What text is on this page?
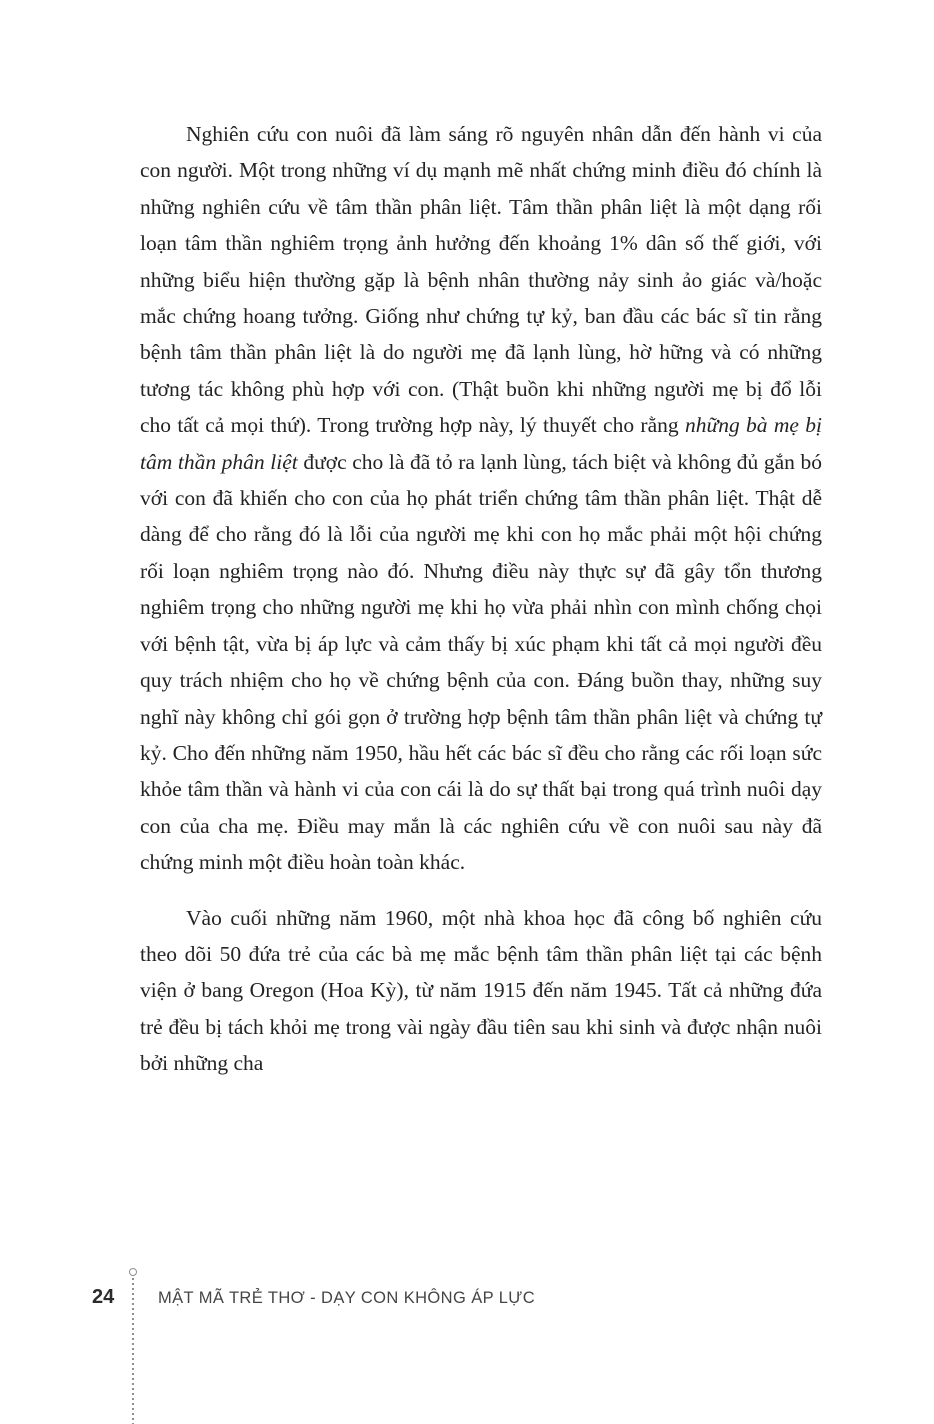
Nghiên cứu con nuôi đã làm sáng rõ nguyên nhân dẫn đến hành vi của con người. Một trong những ví dụ mạnh mẽ nhất chứng minh điều đó chính là những nghiên cứu về tâm thần phân liệt. Tâm thần phân liệt là một dạng rối loạn tâm thần nghiêm trọng ảnh hưởng đến khoảng 1% dân số thế giới, với những biểu hiện thường gặp là bệnh nhân thường nảy sinh ảo giác và/hoặc mắc chứng hoang tưởng. Giống như chứng tự kỷ, ban đầu các bác sĩ tin rằng bệnh tâm thần phân liệt là do người mẹ đã lạnh lùng, hờ hững và có những tương tác không phù hợp với con. (Thật buồn khi những người mẹ bị đổ lỗi cho tất cả mọi thứ). Trong trường hợp này, lý thuyết cho rằng những bà mẹ bị tâm thần phân liệt được cho là đã tỏ ra lạnh lùng, tách biệt và không đủ gắn bó với con đã khiến cho con của họ phát triển chứng tâm thần phân liệt. Thật dễ dàng để cho rằng đó là lỗi của người mẹ khi con họ mắc phải một hội chứng rối loạn nghiêm trọng nào đó. Nhưng điều này thực sự đã gây tổn thương nghiêm trọng cho những người mẹ khi họ vừa phải nhìn con mình chống chọi với bệnh tật, vừa bị áp lực và cảm thấy bị xúc phạm khi tất cả mọi người đều quy trách nhiệm cho họ về chứng bệnh của con. Đáng buồn thay, những suy nghĩ này không chỉ gói gọn ở trường hợp bệnh tâm thần phân liệt và chứng tự kỷ. Cho đến những năm 1950, hầu hết các bác sĩ đều cho rằng các rối loạn sức khỏe tâm thần và hành vi của con cái là do sự thất bại trong quá trình nuôi dạy con của cha mẹ. Điều may mắn là các nghiên cứu về con nuôi sau này đã chứng minh một điều hoàn toàn khác.

Vào cuối những năm 1960, một nhà khoa học đã công bố nghiên cứu theo dõi 50 đứa trẻ của các bà mẹ mắc bệnh tâm thần phân liệt tại các bệnh viện ở bang Oregon (Hoa Kỳ), từ năm 1915 đến năm 1945. Tất cả những đứa trẻ đều bị tách khỏi mẹ trong vài ngày đầu tiên sau khi sinh và được nhận nuôi bởi những cha

24	MẬT MÃ TRẺ THƠ - DẠY CON KHÔNG ÁP LỰC
